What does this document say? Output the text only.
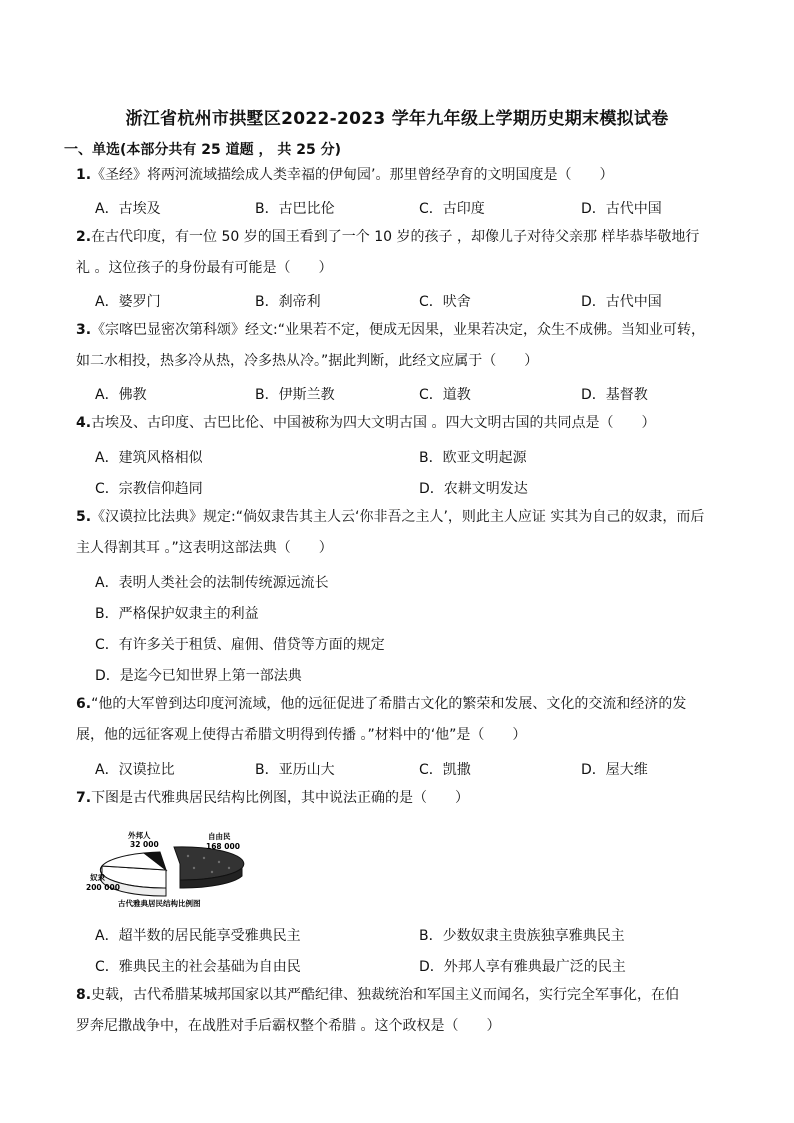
浙江省杭州市拱墅区2022-2023 学年九年级上学期历史期末模拟试卷
一、单选(本部分共有 25 道题 ， 共 25 分)
1.《圣经》将两河流域描绘成人类幸福的伊甸园’。那里曾经孕育的文明国度是（　　）
A．古埃及	B．古巴比伦	C．古印度	D．古代中国
2.在古代印度，有一位 50 岁的国王看到了一个 10 岁的孩子 ，却像儿子对待父亲那 样毕恭毕敬地行
礼 。这位孩子的身份最有可能是（　　）
A．婆罗门	B．刹帝利	C．吠舍	D．古代中国
3.《宗喀巴显密次第科颂》经文:“业果若不定，便成无因果，业果若决定，众生不成佛。当知业可转，
如二水相投，热多冷从热，冷多热从冷。”据此判断，此经文应属于（　　）
A．佛教	B．伊斯兰教	C．道教	D．基督教
4.古埃及、古印度、古巴比伦、中国被称为四大文明古国 。四大文明古国的共同点是（　　）
A．建筑风格相似	B．欧亚文明起源
C．宗教信仰趋同	D．农耕文明发达
5.《汉谟拉比法典》规定:“倘奴隶告其主人云‘你非吾之主人’，则此主人应证 实其为自己的奴隶，而后
主人得割其耳 。”这表明这部法典（　　）
A．表明人类社会的法制传统源远流长
B．严格保护奴隶主的利益
C．有许多关于租赁、雇佣、借贷等方面的规定
D．是迄今已知世界上第一部法典
6.“他的大军曾到达印度河流域，他的远征促进了希腊古文化的繁荣和发展、文化的交流和经济的发
展，他的远征客观上使得古希腊文明得到传播 。”材料中的‘他”是（　　）
A．汉谟拉比	B．亚历山大	C．凯撒	D．屋大维
7.下图是古代雅典居民结构比例图，其中说法正确的是（　　）
外邦人
32 000
自由民
168 000
奴隶
200 000
古代雅典居民结构比例图
A．超半数的居民能享受雅典民主	B．少数奴隶主贵族独享雅典民主
C．雅典民主的社会基础为自由民	D．外邦人享有雅典最广泛的民主
8.史载，古代希腊某城邦国家以其严酷纪律、独裁统治和军国主义而闻名，实行完全军事化，在伯
罗奔尼撒战争中，在战胜对手后霸权整个希腊 。这个政权是（　　）
